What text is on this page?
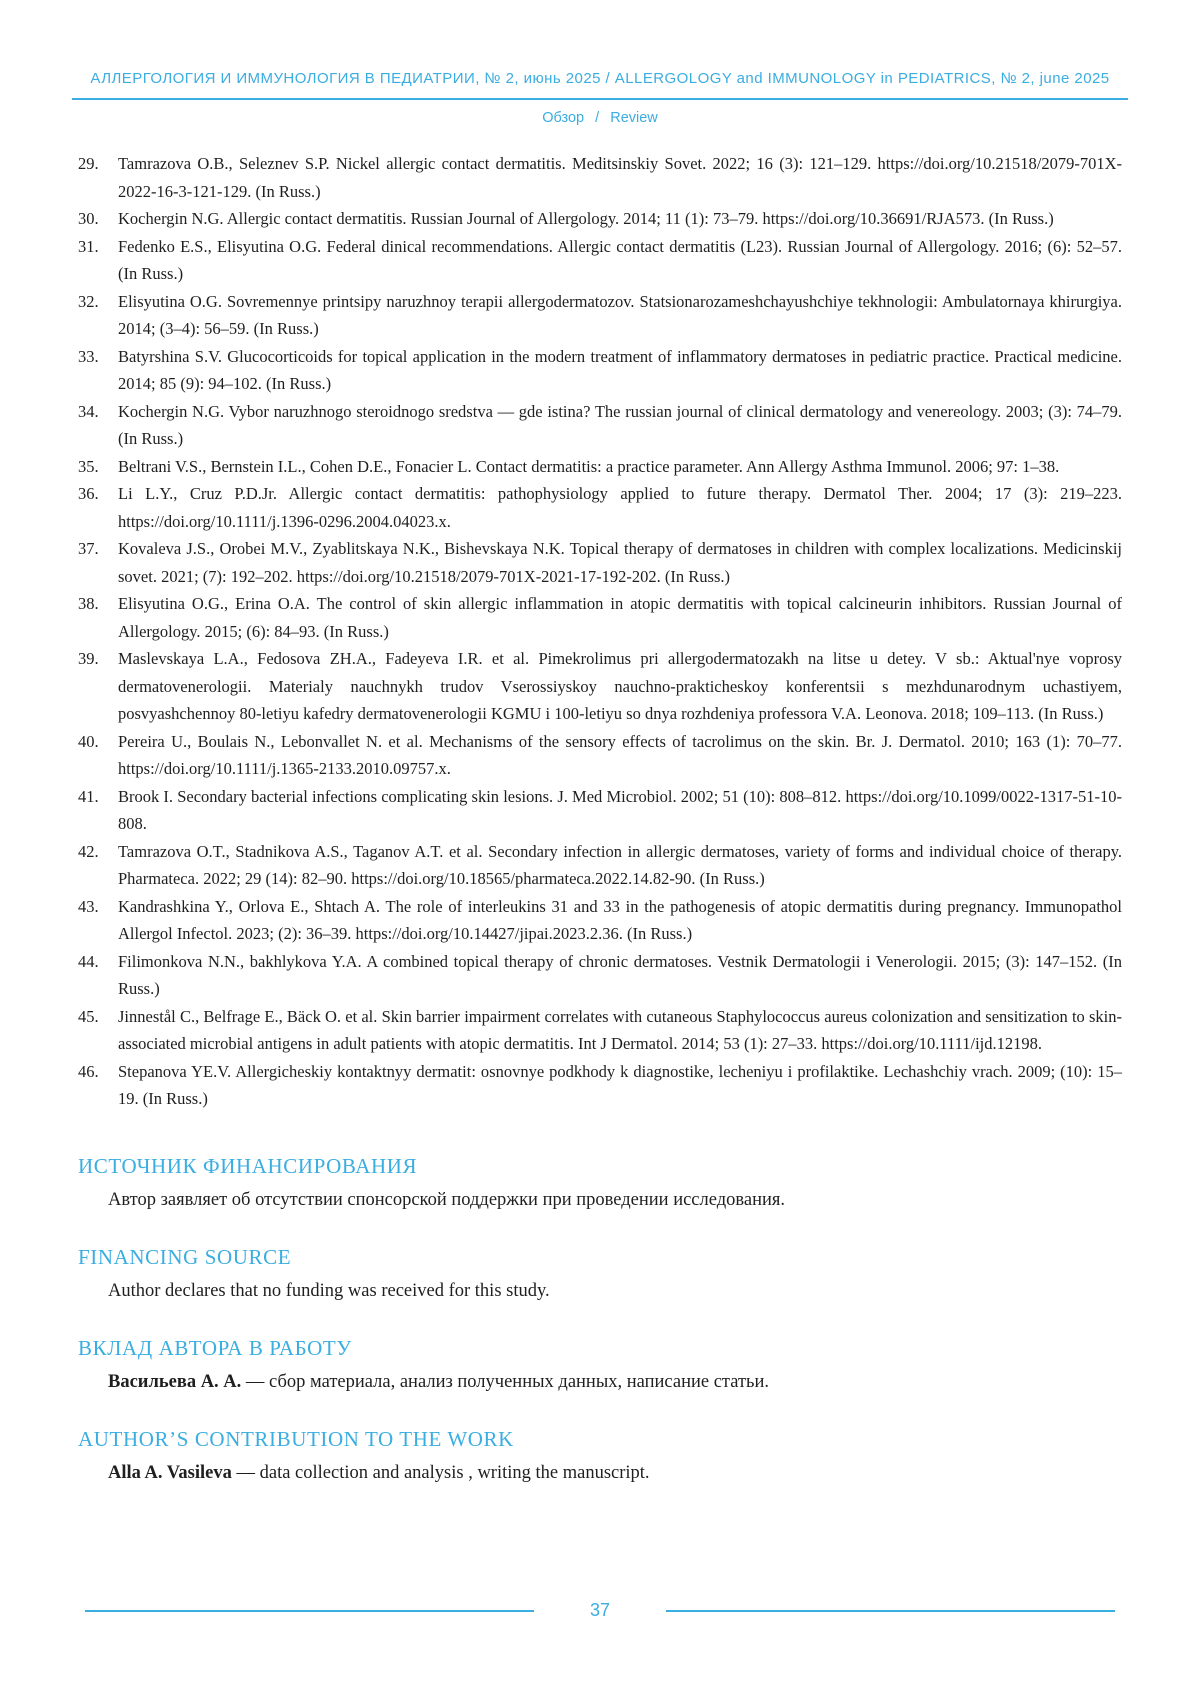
АЛЛЕРГОЛОГИЯ И ИММУНОЛОГИЯ В ПЕДИАТРИИ, № 2, июнь 2025 / ALLERGOLOGY and IMMUNOLOGY in PEDIATRICS, № 2, june 2025
Обзор / Review
29.	Tamrazova O.B., Seleznev S.P. Nickel allergic contact dermatitis. Meditsinskiy Sovet. 2022; 16 (3): 121–129. https://doi.org/10.21518/2079-701X-2022-16-3-121-129. (In Russ.)
30.	Kochergin N.G. Allergic contact dermatitis. Russian Journal of Allergology. 2014; 11 (1): 73–79. https://doi.org/10.36691/RJA573. (In Russ.)
31.	Fedenko E.S., Elisyutina O.G. Federal dinical recommendations. Allergic contact dermatitis (L23). Russian Journal of Allergology. 2016; (6): 52–57. (In Russ.)
32.	Elisyutina O.G. Sovremennye printsipy naruzhnoy terapii allergodermatozov. Statsionarozameshchayushchiye tekhnologii: Ambulatornaya khirurgiya. 2014; (3–4): 56–59. (In Russ.)
33.	Batyrshina S.V. Glucocorticoids for topical application in the modern treatment of inflammatory dermatoses in pediatric practice. Practical medicine. 2014; 85 (9): 94–102. (In Russ.)
34.	Kochergin N.G. Vybor naruzhnogo steroidnogo sredstva — gde istina? The russian journal of clinical dermatology and venereology. 2003; (3): 74–79. (In Russ.)
35.	Beltrani V.S., Bernstein I.L., Cohen D.E., Fonacier L. Contact dermatitis: a practice parameter. Ann Allergy Asthma Immunol. 2006; 97: 1–38.
36.	Li L.Y., Cruz P.D.Jr. Allergic contact dermatitis: pathophysiology applied to future therapy. Dermatol Ther. 2004; 17 (3): 219–223. https://doi.org/10.1111/j.1396-0296.2004.04023.x.
37.	Kovaleva J.S., Orobei M.V., Zyablitskaya N.K., Bishevskaya N.K. Topical therapy of dermatoses in children with complex localizations. Medicinskij sovet. 2021; (7): 192–202. https://doi.org/10.21518/2079-701X-2021-17-192-202. (In Russ.)
38.	Elisyutina O.G., Erina O.A. The control of skin allergic inflammation in atopic dermatitis with topical calcineurin inhibitors. Russian Journal of Allergology. 2015; (6): 84–93. (In Russ.)
39.	Maslevskaya L.A., Fedosova ZH.A., Fadeyeva I.R. et al. Pimekrolimus pri allergodermatozakh na litse u detey. V sb.: Aktual'nye voprosy dermatovenerologii. Materialy nauchnykh trudov Vserossiyskoy nauchno-prakticheskoy konferentsii s mezhdunarodnym uchastiyem, posvyashchennoy 80-letiyu kafedry dermatovenerologii KGMU i 100-letiyu so dnya rozhdeniya professora V.A. Leonova. 2018; 109–113. (In Russ.)
40.	Pereira U., Boulais N., Lebonvallet N. et al. Mechanisms of the sensory effects of tacrolimus on the skin. Br. J. Dermatol. 2010; 163 (1): 70–77. https://doi.org/10.1111/j.1365-2133.2010.09757.x.
41.	Brook I. Secondary bacterial infections complicating skin lesions. J. Med Microbiol. 2002; 51 (10): 808–812. https://doi.org/10.1099/0022-1317-51-10-808.
42.	Tamrazova O.T., Stadnikova A.S., Taganov A.T. et al. Secondary infection in allergic dermatoses, variety of forms and individual choice of therapy. Pharmateca. 2022; 29 (14): 82–90. https://doi.org/10.18565/pharmateca.2022.14.82-90. (In Russ.)
43.	Kandrashkina Y., Orlova E., Shtach A. The role of interleukins 31 and 33 in the pathogenesis of atopic dermatitis during pregnancy. Immunopathol Allergol Infectol. 2023; (2): 36–39. https://doi.org/10.14427/jipai.2023.2.36. (In Russ.)
44.	Filimonkova N.N., bakhlykova Y.A. A combined topical therapy of chronic dermatoses. Vestnik Dermatologii i Venerologii. 2015; (3): 147–152. (In Russ.)
45.	Jinnestål C., Belfrage E., Bäck O. et al. Skin barrier impairment correlates with cutaneous Staphylococcus aureus colonization and sensitization to skin-associated microbial antigens in adult patients with atopic dermatitis. Int J Dermatol. 2014; 53 (1): 27–33. https://doi.org/10.1111/ijd.12198.
46.	Stepanova YE.V. Allergicheskiy kontaktnyy dermatit: osnovnye podkhody k diagnostike, lecheniyu i profilaktike. Lechashchiy vrach. 2009; (10): 15–19. (In Russ.)
ИСТОЧНИК ФИНАНСИРОВАНИЯ

Автор заявляет об отсутствии спонсорской поддержки при проведении исследования.

FINANCING SOURCE

Author declares that no funding was received for this study.

ВКЛАД АВТОРА В РАБОТУ

Васильева А. А. — сбор материала, анализ полученных данных, написание статьи.

AUTHOR’S CONTRIBUTION TO THE WORK

Alla A. Vasileva — data collection and analysis , writing the manuscript.

37
